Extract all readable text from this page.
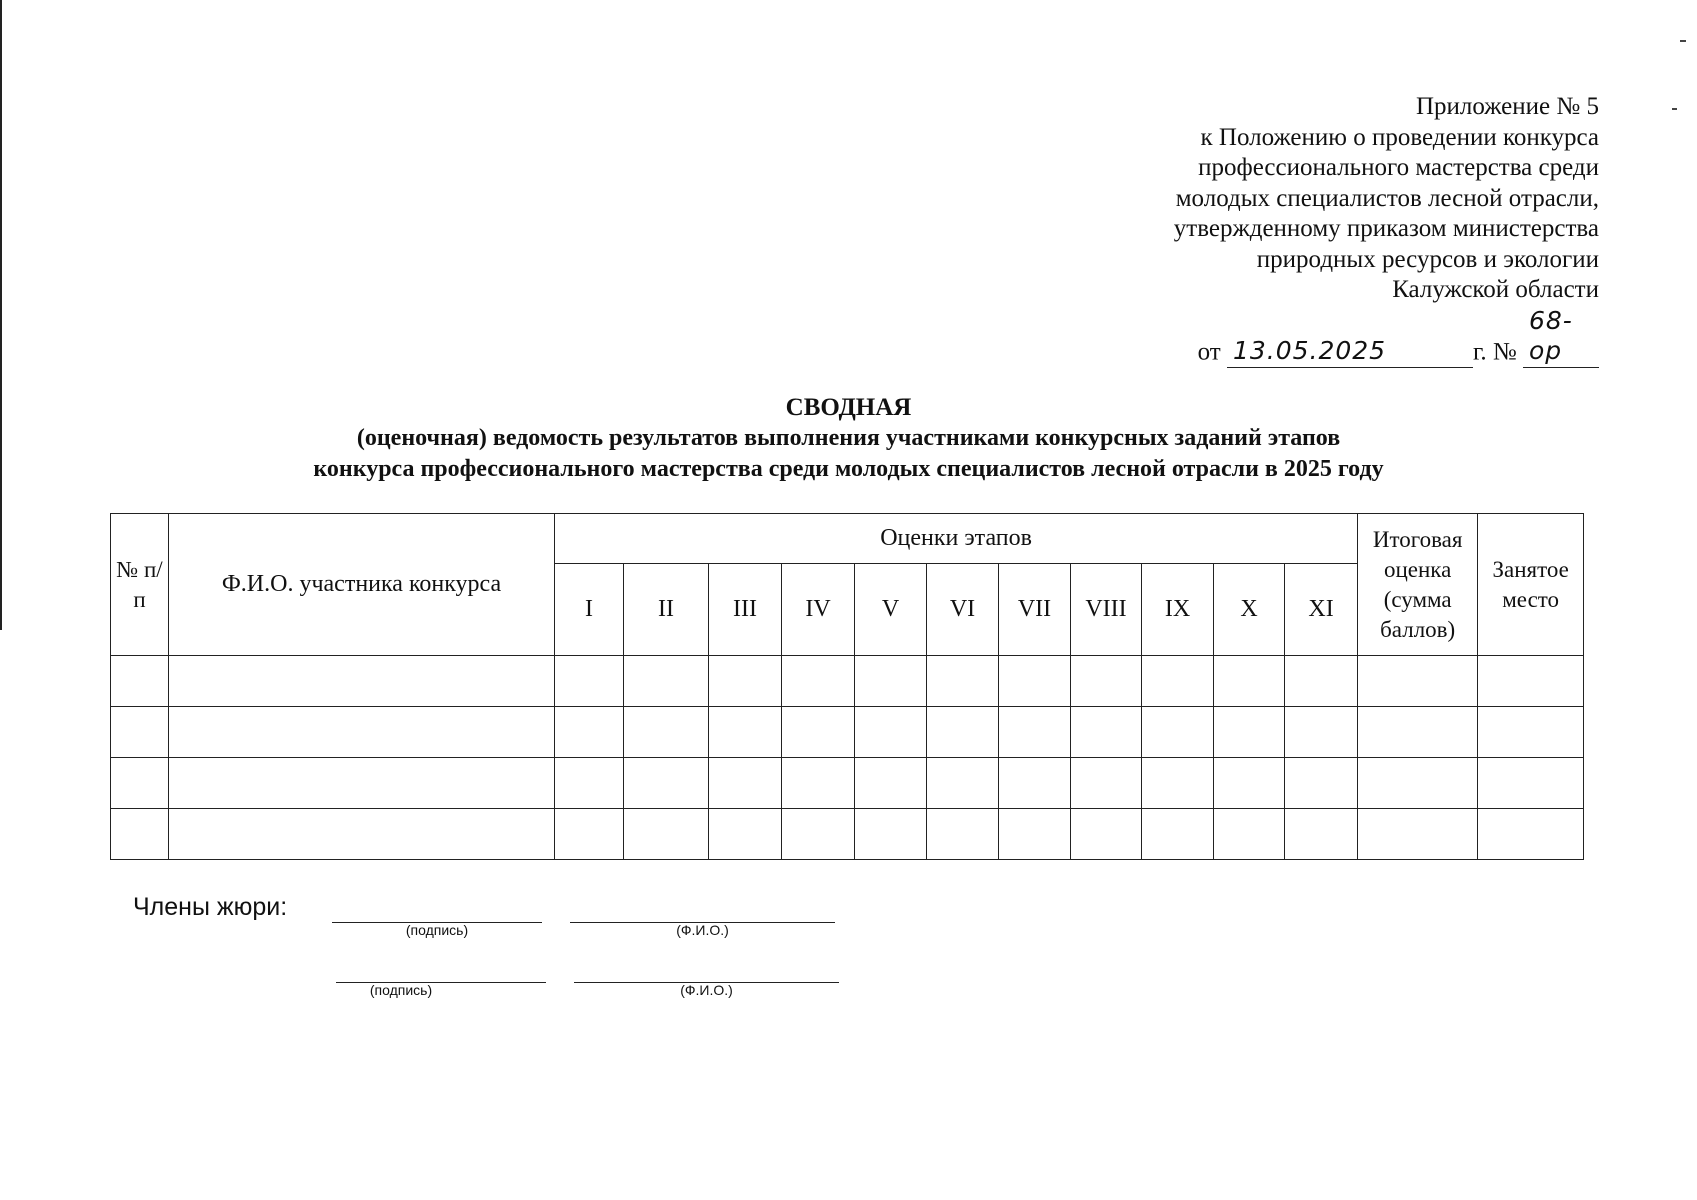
Приложение № 5
к Положению о проведении конкурса
профессионального мастерства среди
молодых специалистов лесной отрасли,
утвержденному приказом министерства
природных ресурсов и экологии
Калужской области
от 13.05.2025	г. № 68-ор
СВОДНАЯ
(оценочная) ведомость результатов выполнения участниками конкурсных заданий этапов
конкурса профессионального мастерства среди молодых специалистов лесной отрасли в 2025 году
№ п/п	Ф.И.О. участника конкурса	Оценки этапов											Итоговая оценка (сумма баллов)	Занятое место
		I	II	III	IV	V	VI	VII	VIII	IX	X	XI		

Члены жюри:
(подпись)	(Ф.И.О.)
(подпись)	(Ф.И.О.)
